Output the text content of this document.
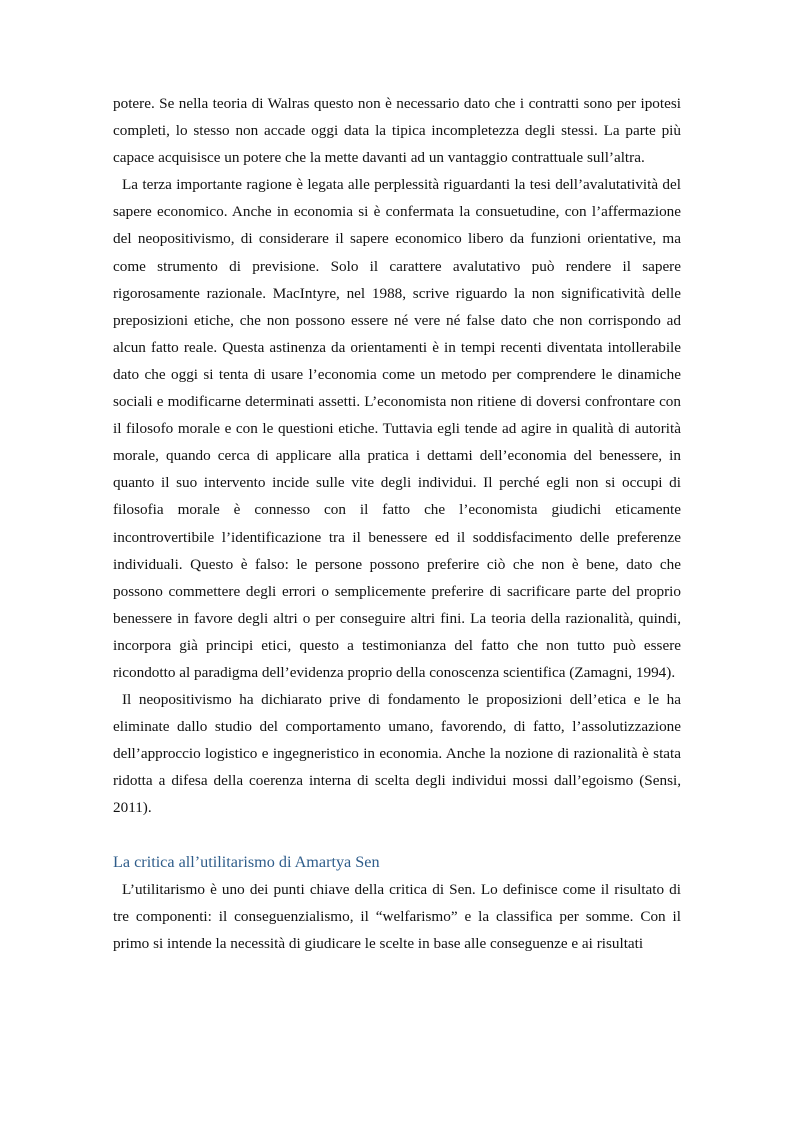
potere. Se nella teoria di Walras questo non è necessario dato che i contratti sono per ipotesi completi, lo stesso non accade oggi data la tipica incompletezza degli stessi. La parte più capace acquisisce un potere che la mette davanti ad un vantaggio contrattuale sull’altra.

La terza importante ragione è legata alle perplessità riguardanti la tesi dell’avalutatività del sapere economico. Anche in economia si è confermata la consuetudine, con l’affermazione del neopositivismo, di considerare il sapere economico libero da funzioni orientative, ma come strumento di previsione. Solo il carattere avalutativo può rendere il sapere rigorosamente razionale. MacIntyre, nel 1988, scrive riguardo la non significatività delle preposizioni etiche, che non possono essere né vere né false dato che non corrispondo ad alcun fatto reale. Questa astinenza da orientamenti è in tempi recenti diventata intollerabile dato che oggi si tenta di usare l’economia come un metodo per comprendere le dinamiche sociali e modificarne determinati assetti. L’economista non ritiene di doversi confrontare con il filosofo morale e con le questioni etiche. Tuttavia egli tende ad agire in qualità di autorità morale, quando cerca di applicare alla pratica i dettami dell’economia del benessere, in quanto il suo intervento incide sulle vite degli individui. Il perché egli non si occupi di filosofia morale è connesso con il fatto che l’economista giudichi eticamente incontrovertibile l’identificazione tra il benessere ed il soddisfacimento delle preferenze individuali. Questo è falso: le persone possono preferire ciò che non è bene, dato che possono commettere degli errori o semplicemente preferire di sacrificare parte del proprio benessere in favore degli altri o per conseguire altri fini. La teoria della razionalità, quindi, incorpora già principi etici, questo a testimonianza del fatto che non tutto può essere ricondotto al paradigma dell’evidenza proprio della conoscenza scientifica (Zamagni, 1994).

Il neopositivismo ha dichiarato prive di fondamento le proposizioni dell’etica e le ha eliminate dallo studio del comportamento umano, favorendo, di fatto, l’assolutizzazione dell’approccio logistico e ingegneristico in economia. Anche la nozione di razionalità è stata ridotta a difesa della coerenza interna di scelta degli individui mossi dall’egoismo (Sensi, 2011).

La critica all’utilitarismo di Amartya Sen

L’utilitarismo è uno dei punti chiave della critica di Sen. Lo definisce come il risultato di tre componenti: il conseguenzialismo, il “welfarismo” e la classifica per somme. Con il primo si intende la necessità di giudicare le scelte in base alle conseguenze e ai risultati
